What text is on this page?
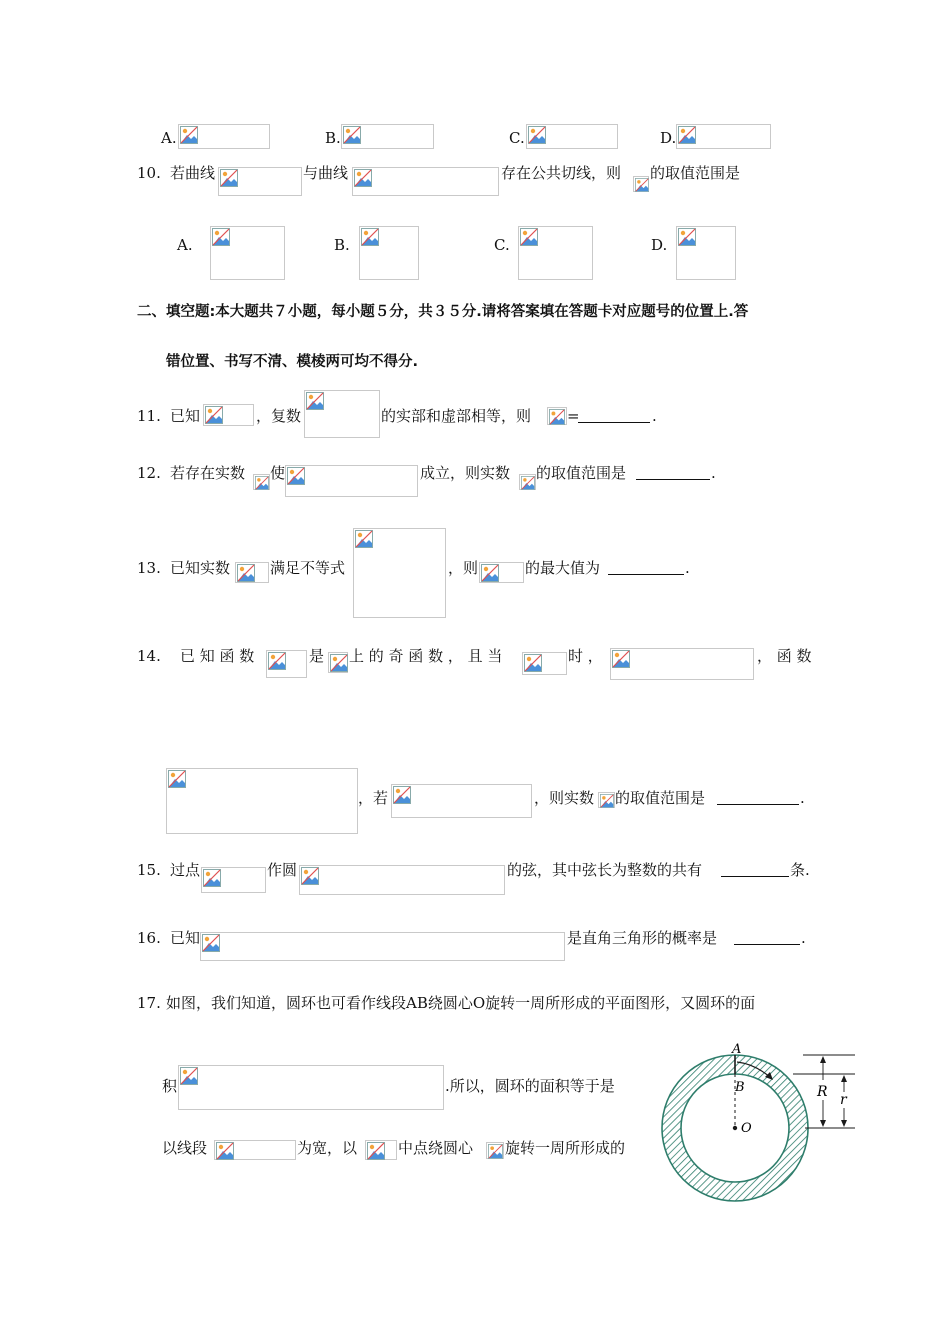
A.	B.	C.	D.
10. 若曲线	与曲线	存在公共切线，则 的取值范围是
A.	B.	C.	D.
二、填空题:本大题共７小题，每小题５分，共３５分.请将答案填在答题卡对应题号的位置上.答
错位置、书写不清、模棱两可均不得分.
11. 已知	，复数	的实部和虚部相等，则 =	.
12. 若存在实数 使	成立，则实数 的取值范围是	.
13. 已知实数	满足不等式	，则	的最大值为	.
14. 已 知 函 数	是 上 的 奇 函 数 ， 且 当	时 ，	， 函 数
，若	，则实数 的取值范围是	.
15. 过点	作圆	的弦，其中弦长为整数的共有	条.
16. 已知	是直角三角形的概率是	.
17. 如图，我们知道，圆环也可看作线段AB绕圆心O旋转一周所形成的平面图形，又圆环的面
积	.所以，圆环的面积等于是
以线段	为宽，以	中点绕圆心 旋转一周所形成的
A
B
O
R r
